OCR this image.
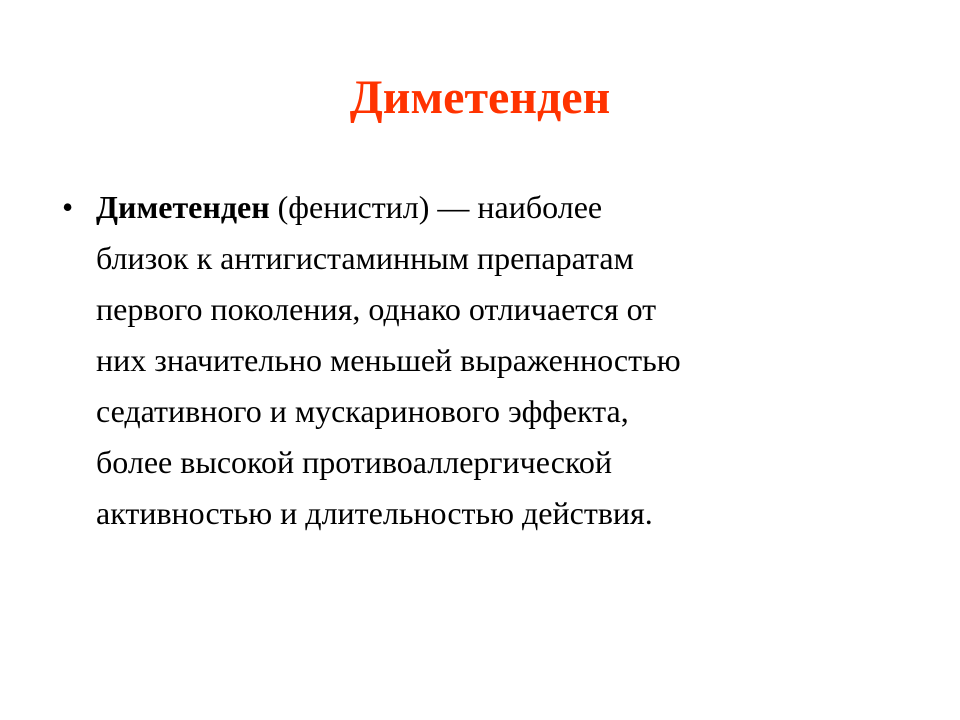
Диметенден
• Диметенден (фенистил) — наиболее
близок к антигистаминным препаратам
первого поколения, однако отличается от
них значительно меньшей выраженностью
седативного и мускаринового эффекта,
более высокой противоаллергической
активностью и длительностью действия.
